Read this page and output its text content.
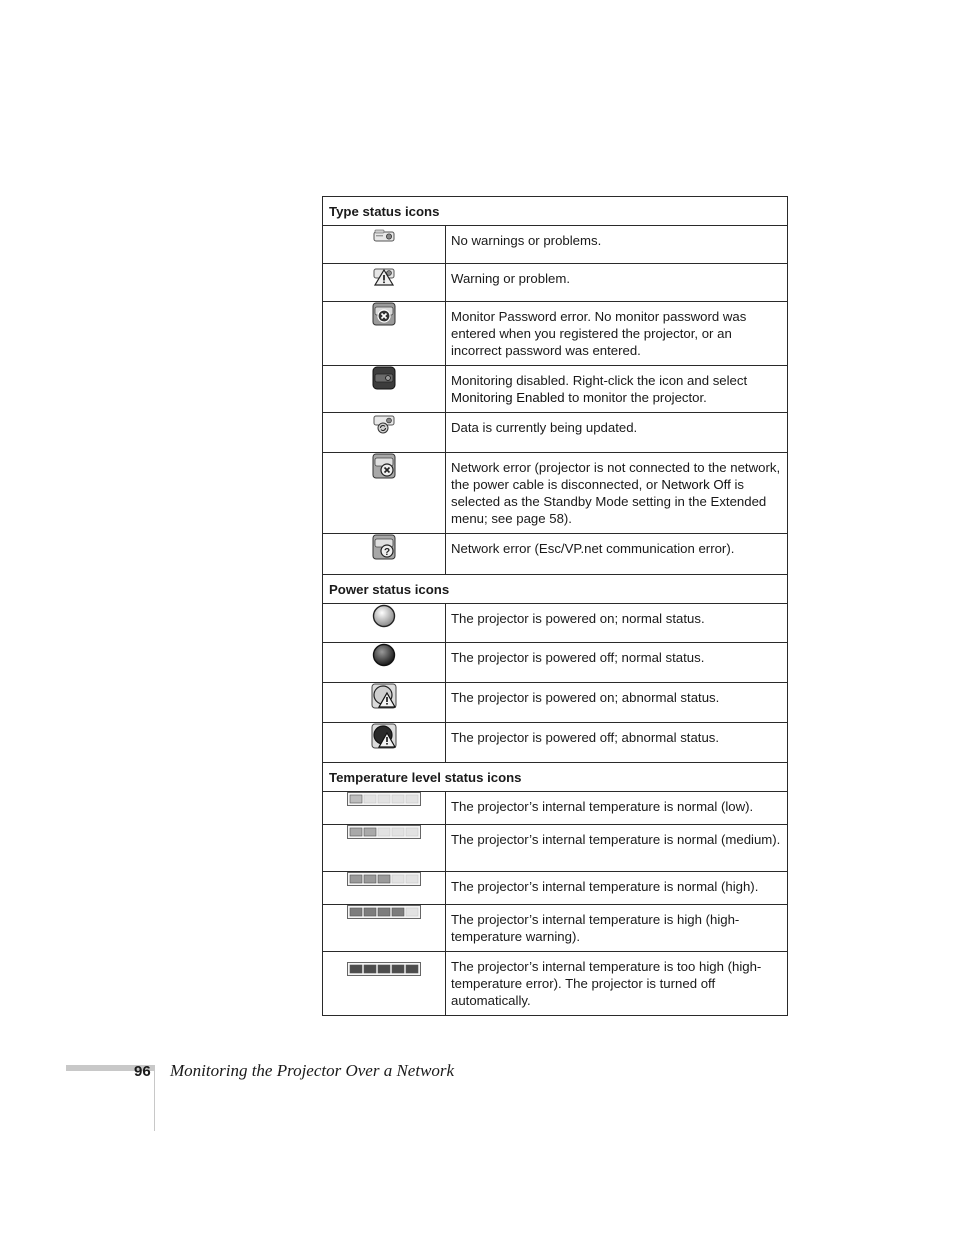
Type status icons	

	No warnings or problems.

	Warning or problem.

	Monitor Password error. No monitor password was entered when you registered the projector, or an incorrect password was entered.

	Monitoring disabled. Right-click the icon and select Monitoring Enabled to monitor the projector.

	Data is currently being updated.

	Network error (projector is not connected to the network, the power cable is disconnected, or Network Off is selected as the Standby Mode setting in the Extended menu; see page 58).

?	Network error (Esc/VP.net communication error).
Power status icons	

	The projector is powered on; normal status.

	The projector is powered off; normal status.

	The projector is powered on; abnormal status.

	The projector is powered off; abnormal status.
Temperature level status icons	

	The projector’s internal temperature is normal (low).

	The projector’s internal temperature is normal (medium).

	The projector’s internal temperature is normal (high).

	The projector’s internal temperature is high (high-temperature warning).

	The projector’s internal temperature is too high (high-temperature error). The projector is turned off automatically.
96 Monitoring the Projector Over a Network
